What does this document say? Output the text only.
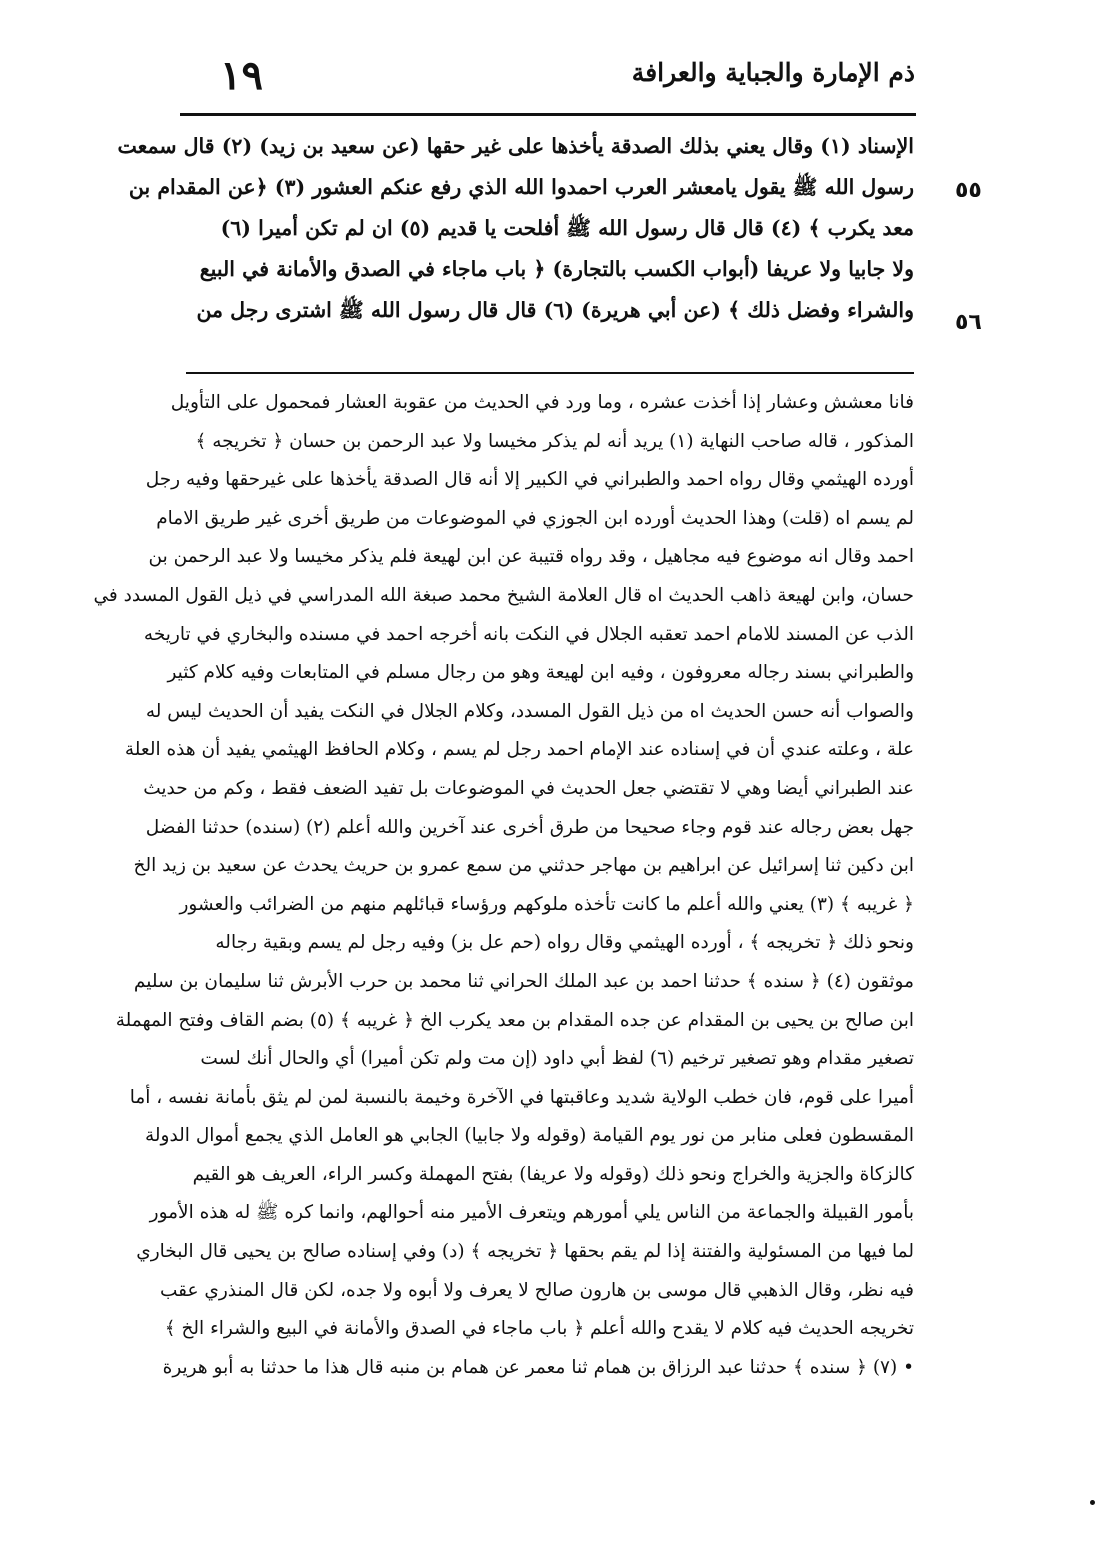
ذم الإمارة والجباية والعرافة
١٩
٥٥
٥٦
الإسناد (١) وقال يعني بذلك الصدقة يأخذها على غير حقها (عن سعيد بن زيد) (٢) قال سمعت
رسول الله ﷺ يقول يامعشر العرب احمدوا الله الذي رفع عنكم العشور (٣) ﴿عن المقدام بن
معد يكرب ﴾ (٤) قال قال رسول الله ﷺ أفلحت يا قديم (٥) ان لم تكن أميرا (٦)
ولا جابيا ولا عريفا (أبواب الكسب بالتجارة) ﴿ باب ماجاء في الصدق والأمانة في البيع
والشراء وفضل ذلك ﴾ (عن أبي هريرة) (٦) قال قال رسول الله ﷺ اشترى رجل من
فانا معشش وعشار إذا أخذت عشره ، وما ورد في الحديث من عقوبة العشار فمحمول على التأويل
المذكور ، قاله صاحب النهاية (١) يريد أنه لم يذكر مخيسا ولا عبد الرحمن بن حسان ﴿ تخريجه ﴾
أورده الهيثمي وقال رواه احمد والطبراني في الكبير إلا أنه قال الصدقة يأخذها على غيرحقها وفيه رجل
لم يسم اه (قلت) وهذا الحديث أورده ابن الجوزي في الموضوعات من طريق أخرى غير طريق الامام
احمد وقال انه موضوع فيه مجاهيل ، وقد رواه قتيبة عن ابن لهيعة فلم يذكر مخيسا ولا عبد الرحمن بن
حسان، وابن لهيعة ذاهب الحديث اه قال العلامة الشيخ محمد صبغة الله المدراسي في ذيل القول المسدد في
الذب عن المسند للامام احمد تعقبه الجلال في النكت بانه أخرجه احمد في مسنده والبخاري في تاريخه
والطبراني بسند رجاله معروفون ، وفيه ابن لهيعة وهو من رجال مسلم في المتابعات وفيه كلام كثير
والصواب أنه حسن الحديث اه من ذيل القول المسدد، وكلام الجلال في النكت يفيد أن الحديث ليس له
علة ، وعلته عندي أن في إسناده عند الإمام احمد رجل لم يسم ، وكلام الحافظ الهيثمي يفيد أن هذه العلة
عند الطبراني أيضا وهي لا تقتضي جعل الحديث في الموضوعات بل تفيد الضعف فقط ، وكم من حديث
جهل بعض رجاله عند قوم وجاء صحيحا من طرق أخرى عند آخرين والله أعلم (٢) (سنده) حدثنا الفضل
ابن دكين ثنا إسرائيل عن ابراهيم بن مهاجر حدثني من سمع عمرو بن حريث يحدث عن سعيد بن زيد الخ
﴿ غريبه ﴾ (٣) يعني والله أعلم ما كانت تأخذه ملوكهم ورؤساء قبائلهم منهم من الضرائب والعشور
ونحو ذلك ﴿ تخريجه ﴾ ، أورده الهيثمي وقال رواه (حم عل بز) وفيه رجل لم يسم وبقية رجاله
موثقون (٤) ﴿ سنده ﴾ حدثنا احمد بن عبد الملك الحراني ثنا محمد بن حرب الأبرش ثنا سليمان بن سليم
ابن صالح بن يحيى بن المقدام عن جده المقدام بن معد يكرب الخ ﴿ غريبه ﴾ (٥) بضم القاف وفتح المهملة
تصغير مقدام وهو تصغير ترخيم (٦) لفظ أبي داود (إن مت ولم تكن أميرا) أي والحال أنك لست
أميرا على قوم، فان خطب الولاية شديد وعاقبتها في الآخرة وخيمة بالنسبة لمن لم يثق بأمانة نفسه ، أما
المقسطون فعلى منابر من نور يوم القيامة (وقوله ولا جابيا) الجابي هو العامل الذي يجمع أموال الدولة
كالزكاة والجزية والخراج ونحو ذلك (وقوله ولا عريفا) بفتح المهملة وكسر الراء، العريف هو القيم
بأمور القبيلة والجماعة من الناس يلي أمورهم ويتعرف الأمير منه أحوالهم، وانما كره ﷺ له هذه الأمور
لما فيها من المسئولية والفتنة إذا لم يقم بحقها ﴿ تخريجه ﴾ (د) وفي إسناده صالح بن يحيى قال البخاري
فيه نظر، وقال الذهبي قال موسى بن هارون صالح لا يعرف ولا أبوه ولا جده، لكن قال المنذري عقب
تخريجه الحديث فيه كلام لا يقدح والله أعلم ﴿ باب ماجاء في الصدق والأمانة في البيع والشراء الخ ﴾
• (٧) ﴿ سنده ﴾ حدثنا عبد الرزاق بن همام ثنا معمر عن همام بن منبه قال هذا ما حدثنا به أبو هريرة
